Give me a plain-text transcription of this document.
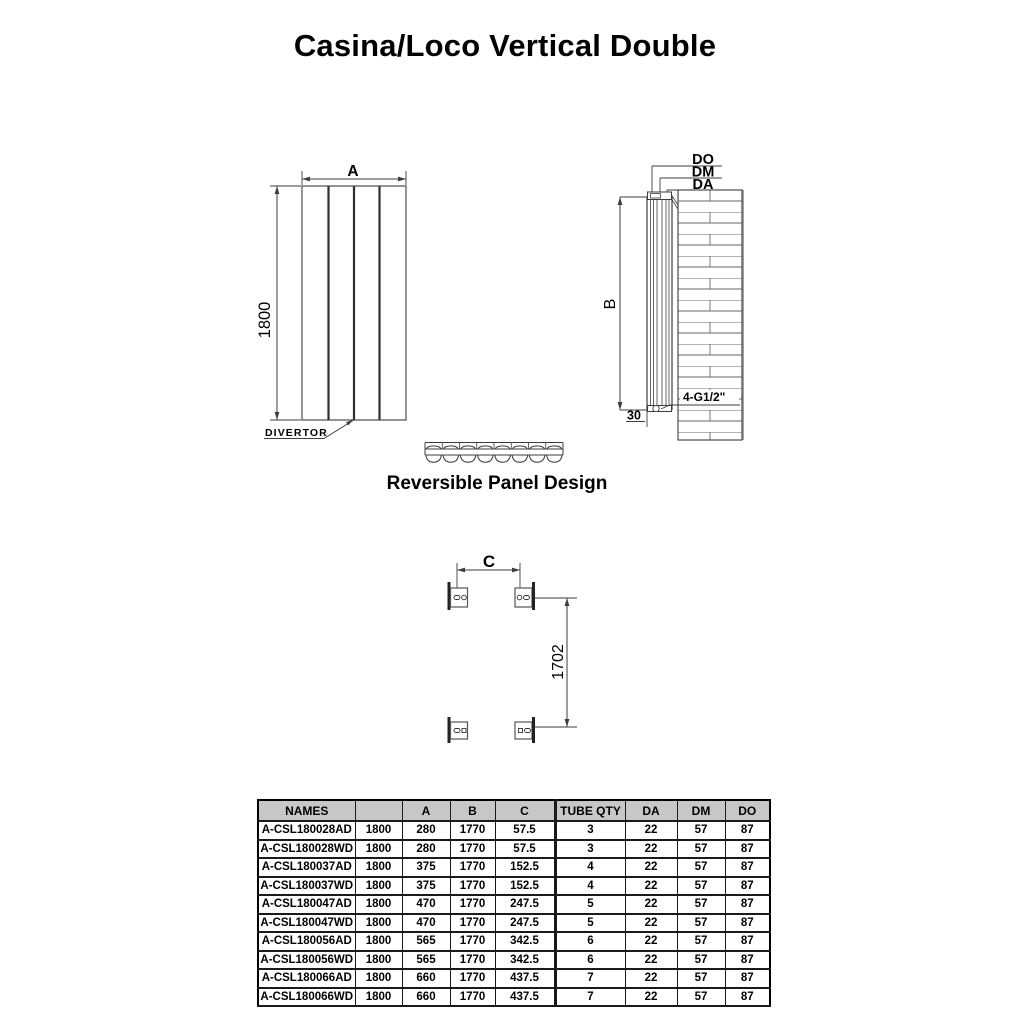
Casina/Loco Vertical Double
A
1800
DIVERTOR
DO
DM
DA
B
4-G1/2"
30
Reversible Panel Design
C
1702
NAMES		A	B	C	TUBE QTY	DA	DM	DO
A-CSL180028AD	1800	280	1770	57.5	3	22	57	87
A-CSL180028WD	1800	280	1770	57.5	3	22	57	87
A-CSL180037AD	1800	375	1770	152.5	4	22	57	87
A-CSL180037WD	1800	375	1770	152.5	4	22	57	87
A-CSL180047AD	1800	470	1770	247.5	5	22	57	87
A-CSL180047WD	1800	470	1770	247.5	5	22	57	87
A-CSL180056AD	1800	565	1770	342.5	6	22	57	87
A-CSL180056WD	1800	565	1770	342.5	6	22	57	87
A-CSL180066AD	1800	660	1770	437.5	7	22	57	87
A-CSL180066WD	1800	660	1770	437.5	7	22	57	87
